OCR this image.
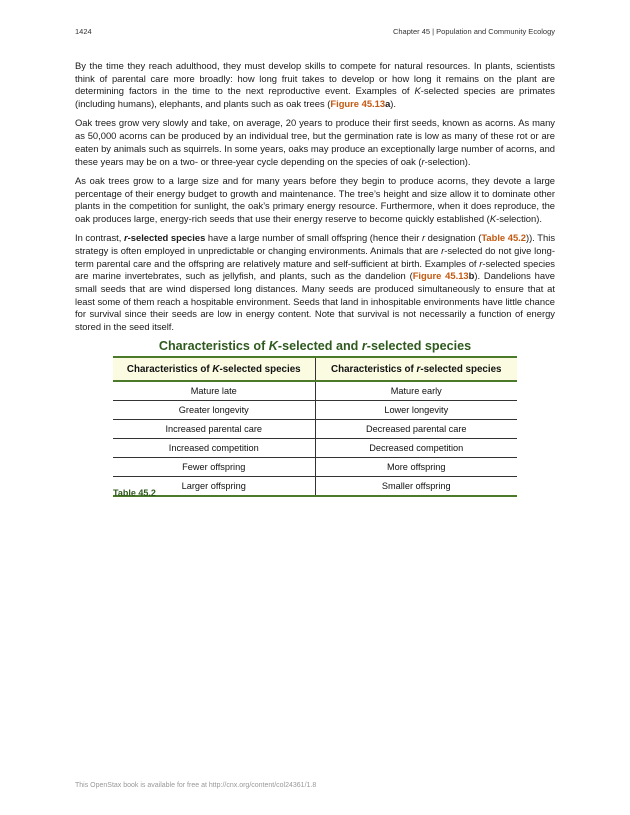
1424	Chapter 45 | Population and Community Ecology

By the time they reach adulthood, they must develop skills to compete for natural resources. In plants, scientists think of parental care more broadly: how long fruit takes to develop or how long it remains on the plant are determining factors in the time to the next reproductive event. Examples of K-selected species are primates (including humans), elephants, and plants such as oak trees (Figure 45.13a).

Oak trees grow very slowly and take, on average, 20 years to produce their first seeds, known as acorns. As many as 50,000 acorns can be produced by an individual tree, but the germination rate is low as many of these rot or are eaten by animals such as squirrels. In some years, oaks may produce an exceptionally large number of acorns, and these years may be on a two- or three-year cycle depending on the species of oak (r-selection).

As oak trees grow to a large size and for many years before they begin to produce acorns, they devote a large percentage of their energy budget to growth and maintenance. The tree’s height and size allow it to dominate other plants in the competition for sunlight, the oak’s primary energy resource. Furthermore, when it does reproduce, the oak produces large, energy-rich seeds that use their energy reserve to become quickly established (K-selection).

In contrast, r-selected species have a large number of small offspring (hence their r designation (Table 45.2)). This strategy is often employed in unpredictable or changing environments. Animals that are r-selected do not give long-term parental care and the offspring are relatively mature and self-sufficient at birth. Examples of r-selected species are marine invertebrates, such as jellyfish, and plants, such as the dandelion (Figure 45.13b). Dandelions have small seeds that are wind dispersed long distances. Many seeds are produced simultaneously to ensure that at least some of them reach a hospitable environment. Seeds that land in inhospitable environments have little chance for survival since their seeds are low in energy content. Note that survival is not necessarily a function of energy stored in the seed itself.

Characteristics of K-selected and r-selected species
Characteristics of K-selected species	Characteristics of r-selected species
Mature late	Mature early
Greater longevity	Lower longevity
Increased parental care	Decreased parental care
Increased competition	Decreased competition
Fewer offspring	More offspring
Larger offspring	Smaller offspring
Table 45.2
This OpenStax book is available for free at http://cnx.org/content/col24361/1.8
